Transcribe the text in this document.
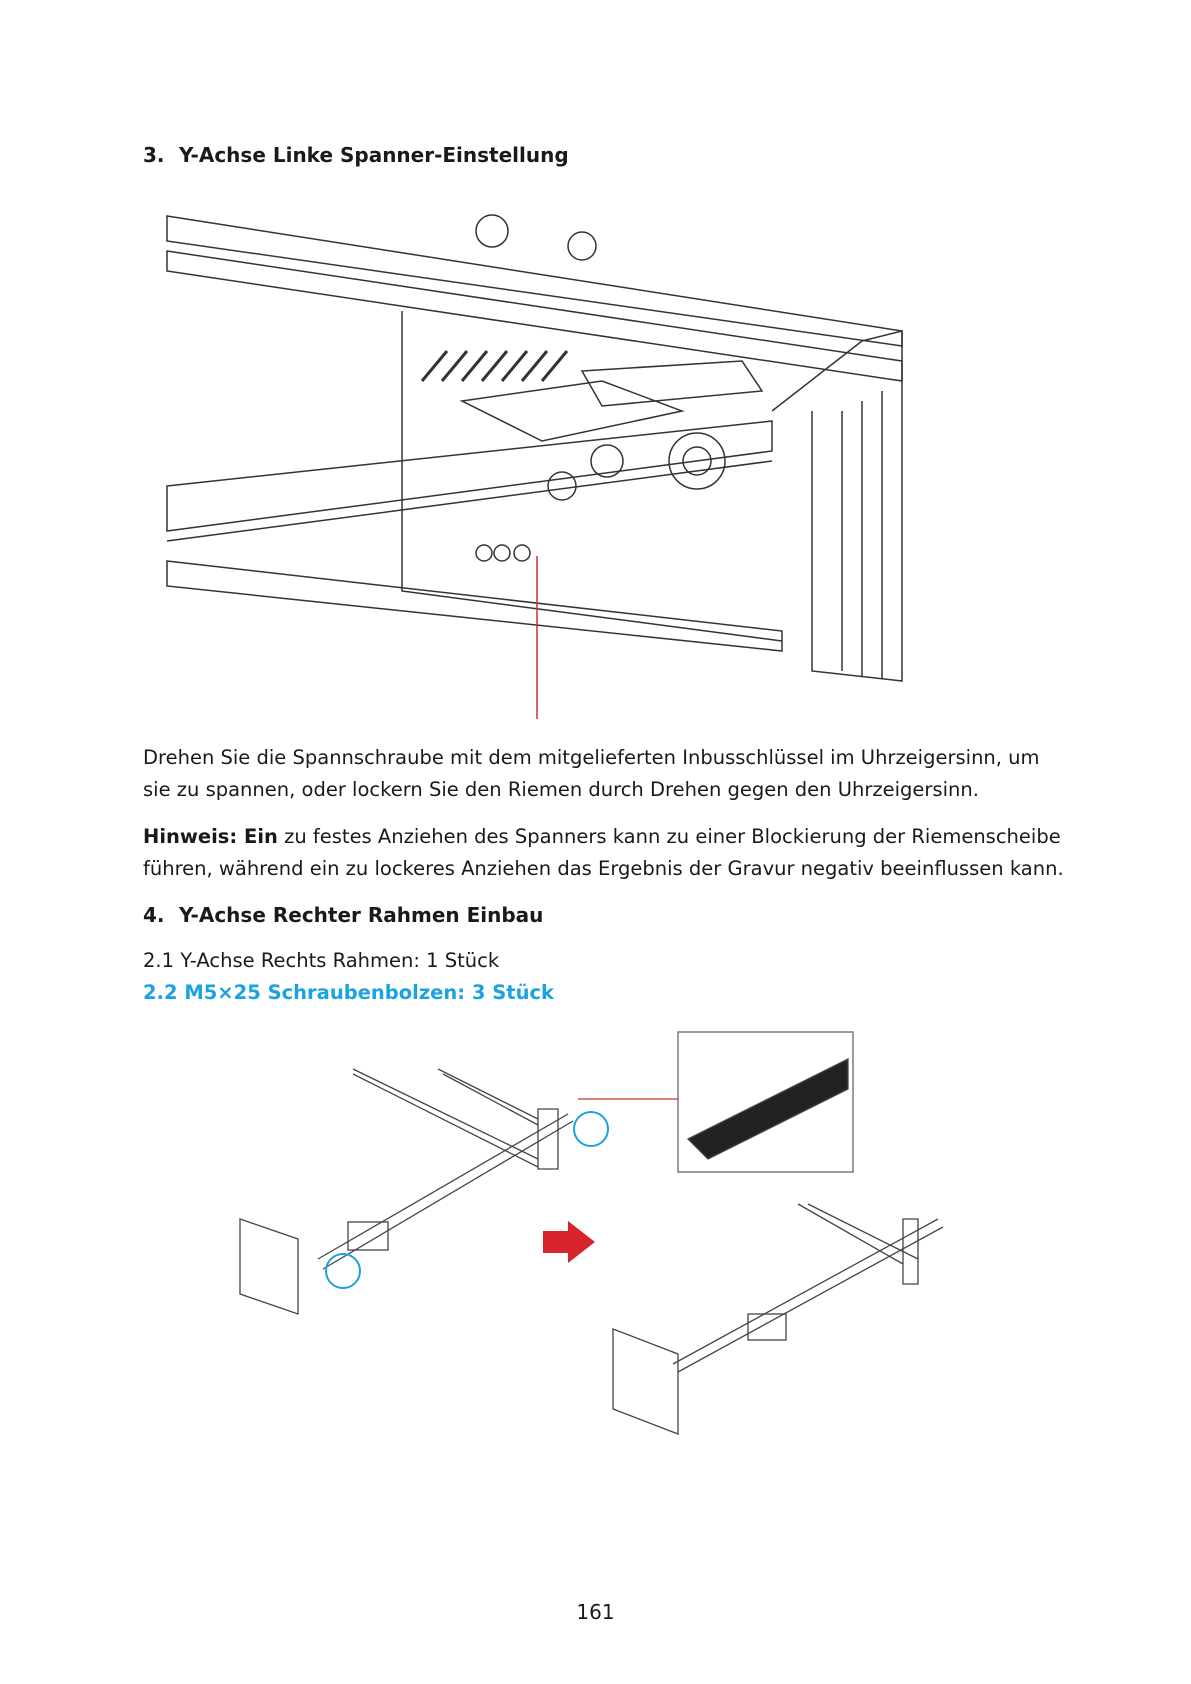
3. Y-Achse Linke Spanner-Einstellung
Drehen Sie die Spannschraube mit dem mitgelieferten Inbusschlüssel im Uhrzeigersinn, um sie zu spannen, oder lockern Sie den Riemen durch Drehen gegen den Uhrzeigersinn.
Hinweis: Ein zu festes Anziehen des Spanners kann zu einer Blockierung der Riemenscheibe führen, während ein zu lockeres Anziehen das Ergebnis der Gravur negativ beeinflussen kann.
4. Y-Achse Rechter Rahmen Einbau
2.1 Y-Achse Rechts Rahmen: 1 Stück
2.2 M5×25 Schraubenbolzen: 3 Stück
161
